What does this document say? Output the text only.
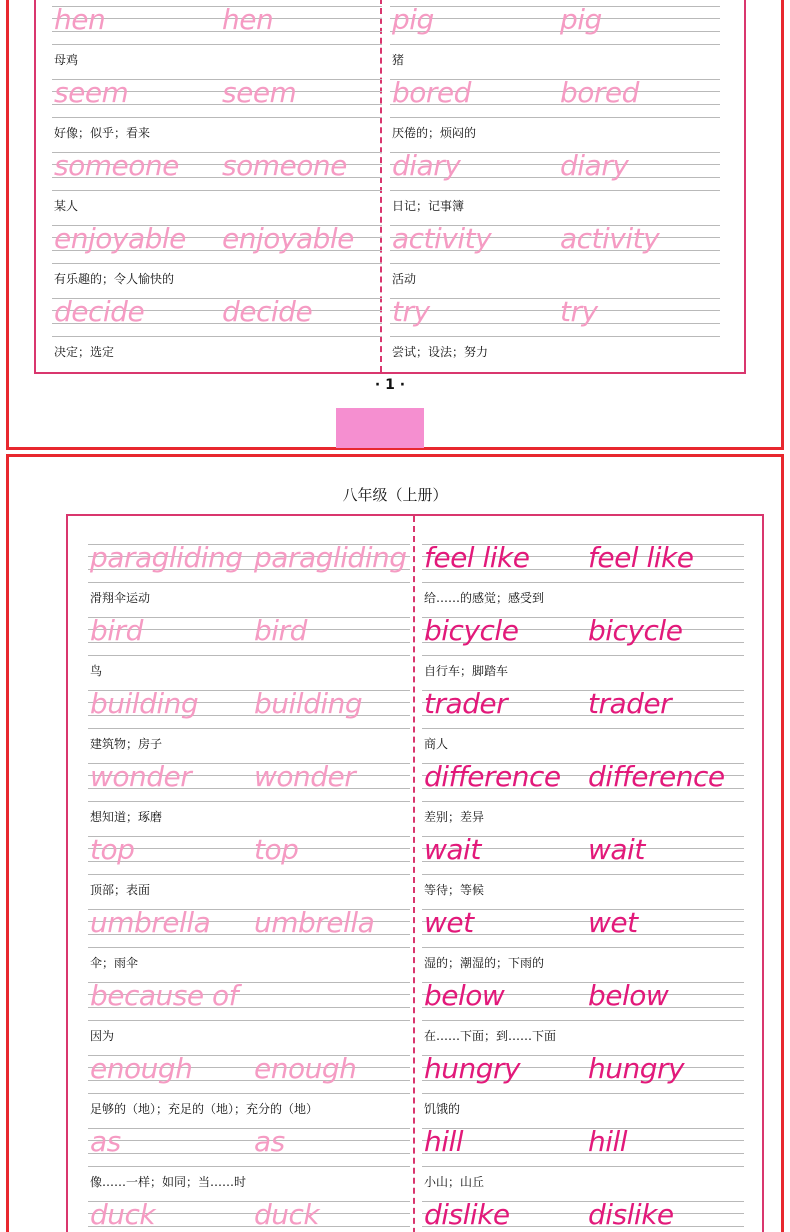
hen	hen
母鸡
pig	pig
猪
seem	seem
好像；似乎；看来
bored	bored
厌倦的；烦闷的
someone someone
某人
diary	diary
日记；记事簿
enjoyable enjoyable
有乐趣的；令人愉快的
activity activity
活动
decide	decide
决定；选定
try	try
尝试；设法；努力
· 1 ·
八年级（上册）
paragliding paragliding
滑翔伞运动
feel like feel like
给……的感觉；感受到
bird	bird
鸟
bicycle bicycle
自行车；脚踏车
building building
建筑物；房子
trader	trader
商人
wonder wonder
想知道；琢磨
difference difference
差别；差异
top	top
顶部；表面
wait	wait
等待；等候
umbrella umbrella
伞；雨伞
wet	wet
湿的；潮湿的；下雨的
because of
因为
below	below
在……下面；到……下面
enough enough
足够的（地）；充足的（地）；充分的（地）
hungry hungry
饥饿的
as	as
像……一样；如同；当……时
hill	hill
小山；山丘
duck	duck	dislike	dislike
